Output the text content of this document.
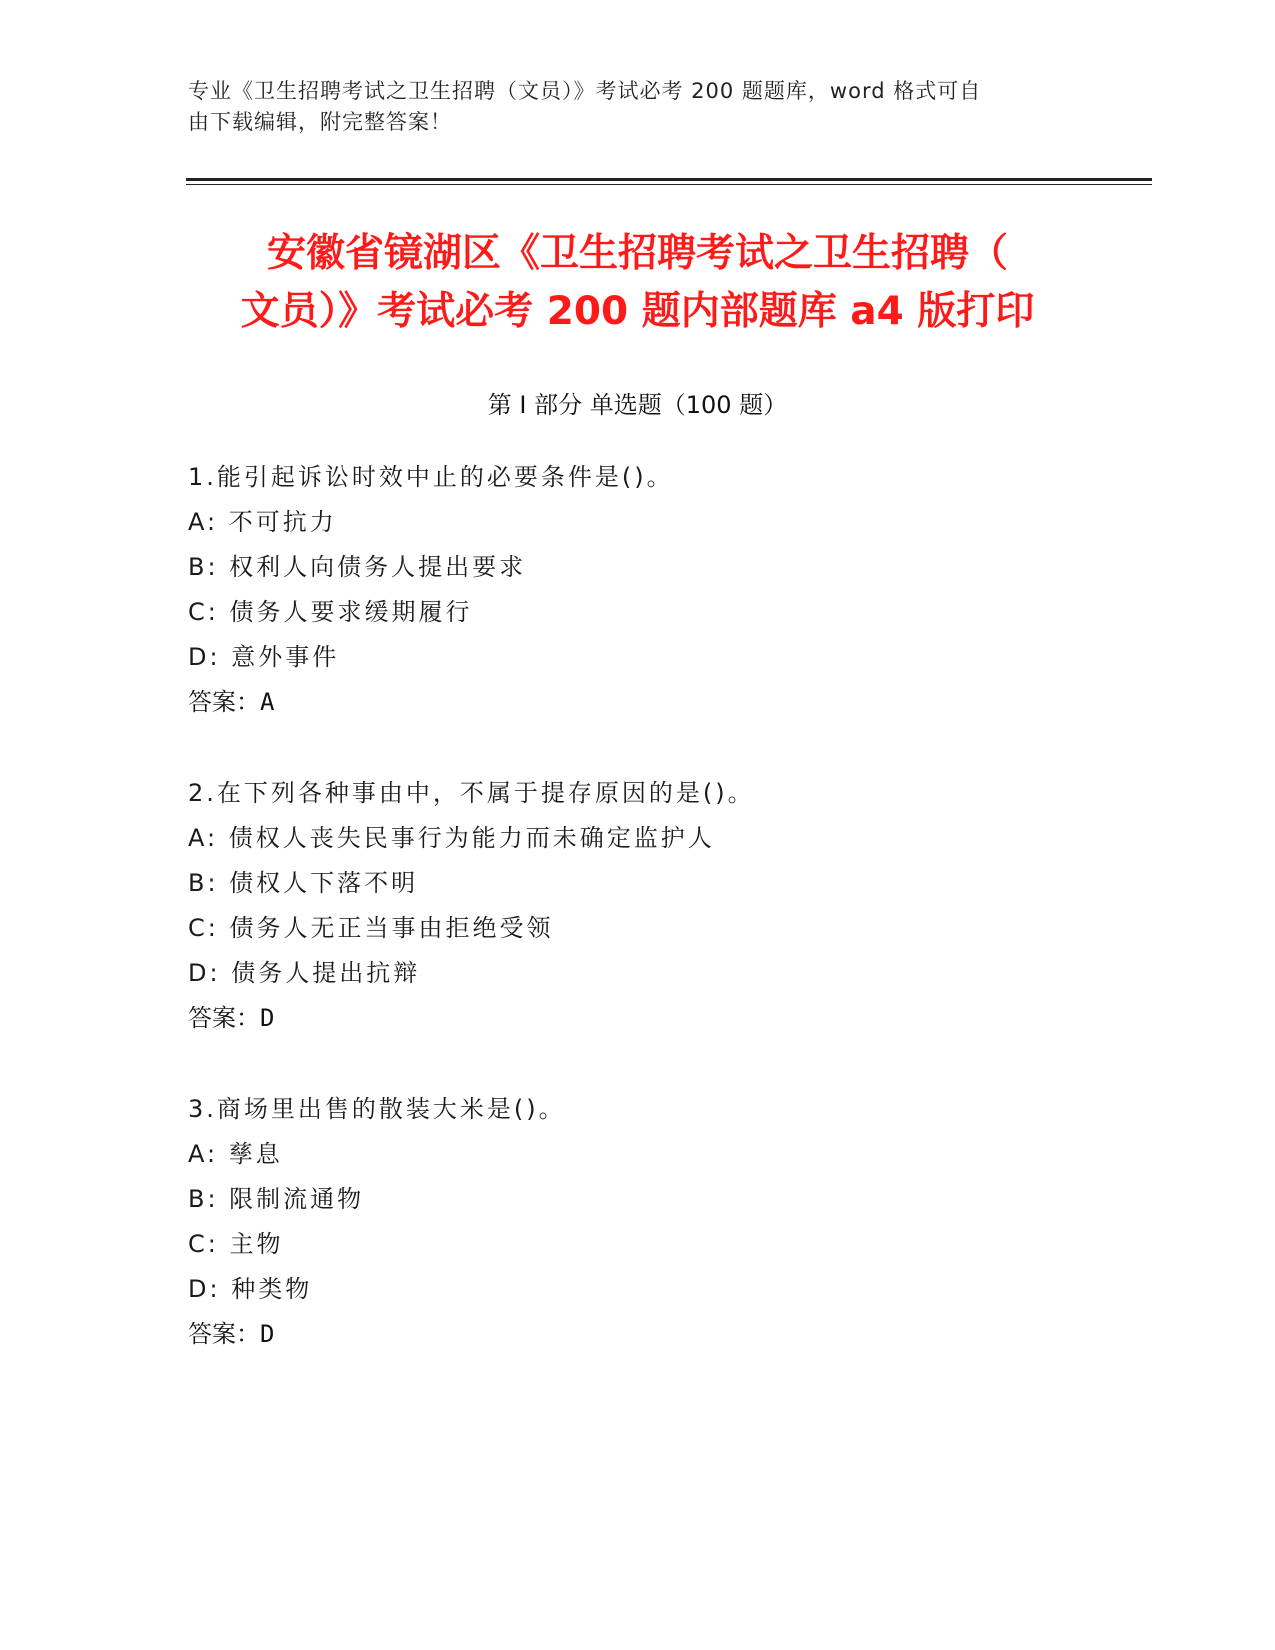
专业《卫生招聘考试之卫生招聘（文员）》考试必考 200 题题库，word 格式可自
由下载编辑，附完整答案！
安徽省镜湖区《卫生招聘考试之卫生招聘（
文员）》考试必考 200 题内部题库 a4 版打印
第 I 部分 单选题（100 题）
1.能引起诉讼时效中止的必要条件是()。
A: 不可抗力
B: 权利人向债务人提出要求
C: 债务人要求缓期履行
D: 意外事件
答案：A
2.在下列各种事由中，不属于提存原因的是()。
A: 债权人丧失民事行为能力而未确定监护人
B: 债权人下落不明
C: 债务人无正当事由拒绝受领
D: 债务人提出抗辩
答案：D
3.商场里出售的散装大米是()。
A: 孳息
B: 限制流通物
C: 主物
D: 种类物
答案：D
